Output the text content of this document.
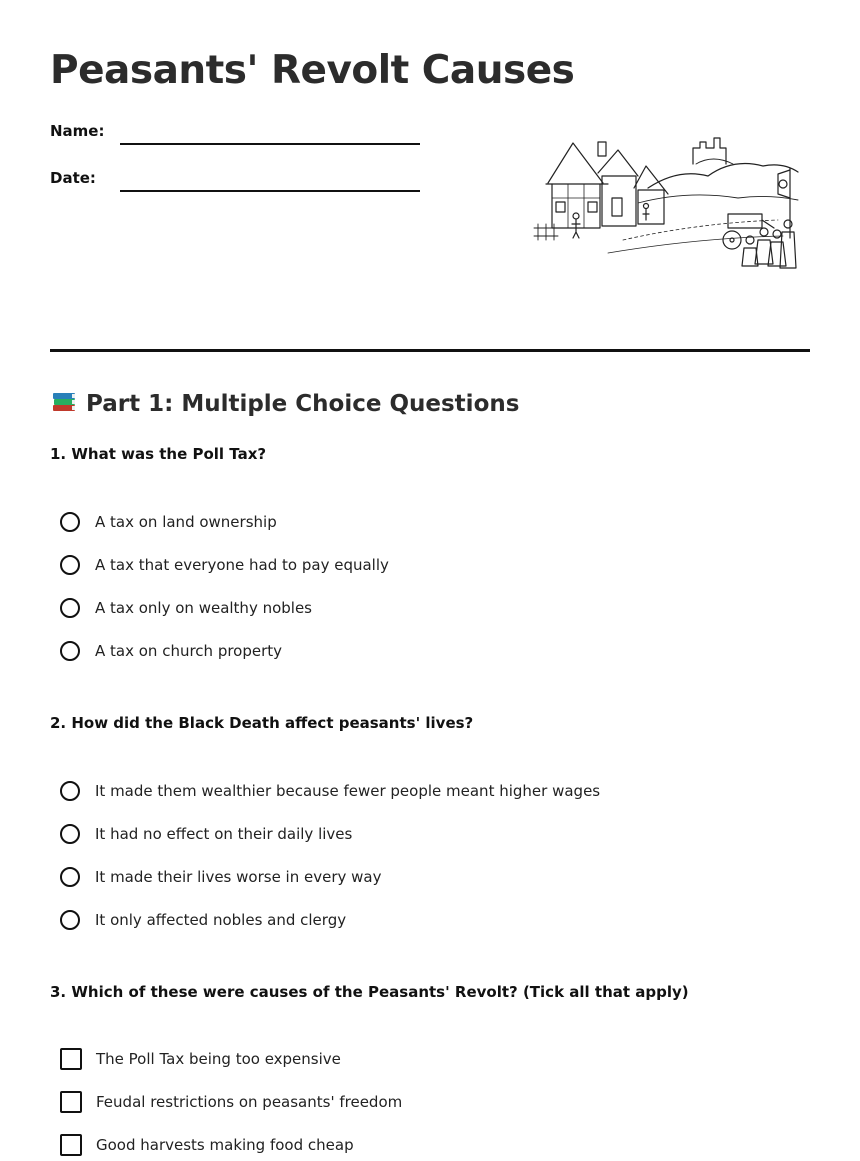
Peasants' Revolt Causes
Name:
Date:
Part 1: Multiple Choice Questions

1. What was the Poll Tax?

A tax on land ownership
A tax that everyone had to pay equally
A tax only on wealthy nobles
A tax on church property

2. How did the Black Death affect peasants' lives?

It made them wealthier because fewer people meant higher wages
It had no effect on their daily lives
It made their lives worse in every way
It only affected nobles and clergy

3. Which of these were causes of the Peasants' Revolt? (Tick all that apply)

The Poll Tax being too expensive
Feudal restrictions on peasants' freedom
Good harvests making food cheap
